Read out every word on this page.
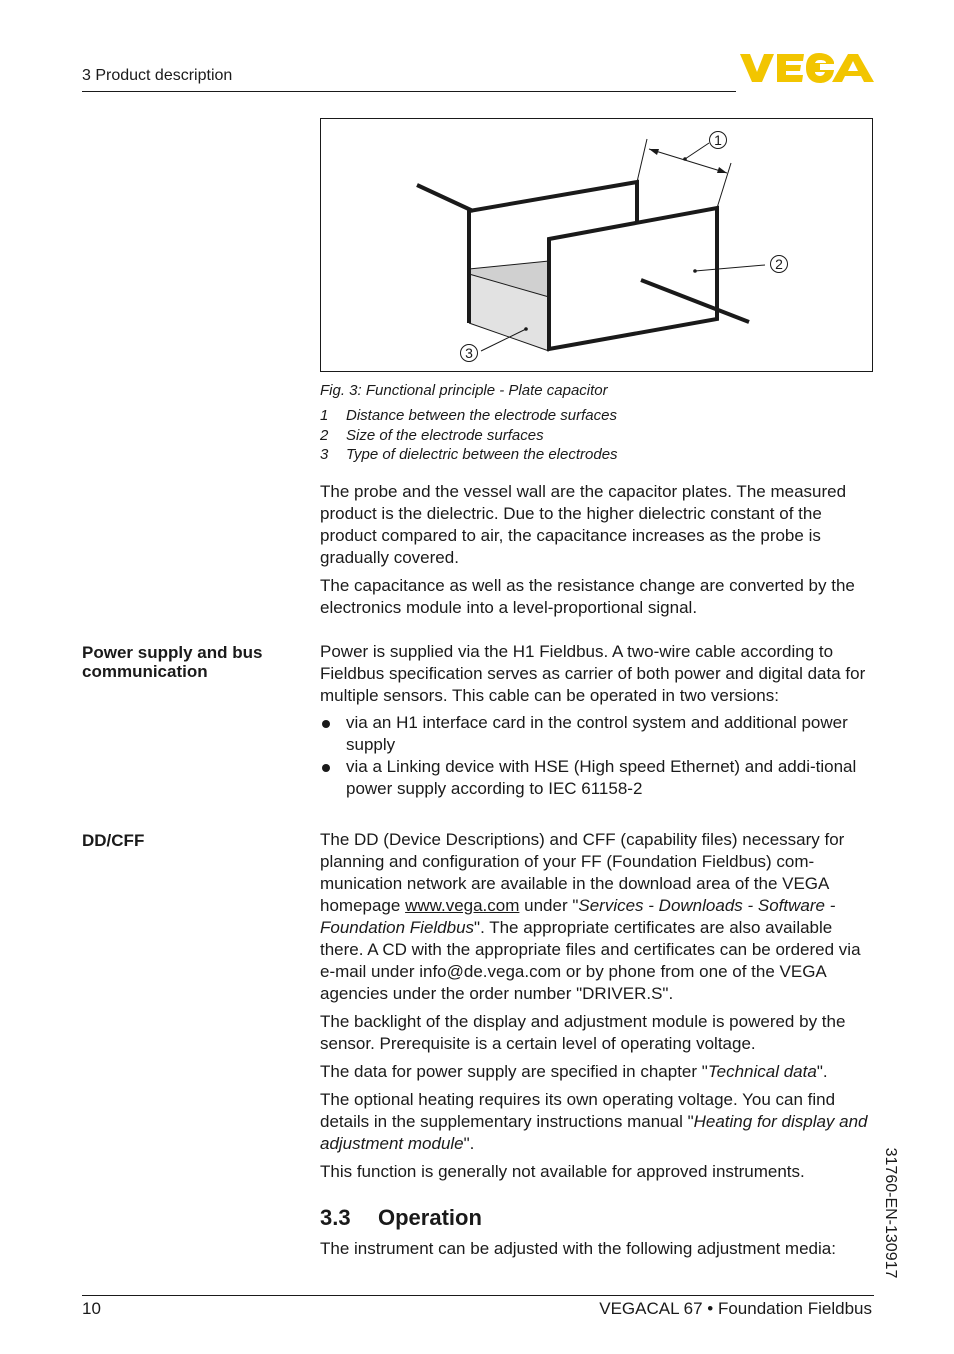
3 Product description
1
2
3
Fig. 3: Functional principle - Plate capacitor
1 Distance between the electrode surfaces
2 Size of the electrode surfaces
3 Type of dielectric between the electrodes

The probe and the vessel wall are the capacitor plates. The measured product is the dielectric. Due to the higher dielectric constant of the product compared to air, the capacitance increases as the probe is gradually covered.

The capacitance as well as the resistance change are converted by the electronics module into a level-proportional signal.

Power supply and bus communication
Power is supplied via the H1 Fieldbus. A two-wire cable according to Fieldbus specification serves as carrier of both power and digital data for multiple sensors. This cable can be operated in two versions:
via an H1 interface card in the control system and additional power supply
via a Linking device with HSE (High speed Ethernet) and addi-tional power supply according to IEC 61158-2
DD/CFF	The DD (Device Descriptions) and CFF (capability files) necessary for planning and configuration of your FF (Foundation Fieldbus) com-munication network are available in the download area of the VEGA homepage www.vega.com under "Services - Downloads - Software - Foundation Fieldbus". The appropriate certificates are also available there. A CD with the appropriate files and certificates can be ordered via e-mail under info@de.vega.com or by phone from one of the VEGA agencies under the order number "DRIVER.S".

The backlight of the display and adjustment module is powered by the sensor. Prerequisite is a certain level of operating voltage.

The data for power supply are specified in chapter "Technical data".

The optional heating requires its own operating voltage. You can find details in the supplementary instructions manual "Heating for display and adjustment module".

This function is generally not available for approved instruments.

3.3 Operation
The instrument can be adjusted with the following adjustment media:	31760-EN-130917
10	VEGACAL 67 • Foundation Fieldbus
